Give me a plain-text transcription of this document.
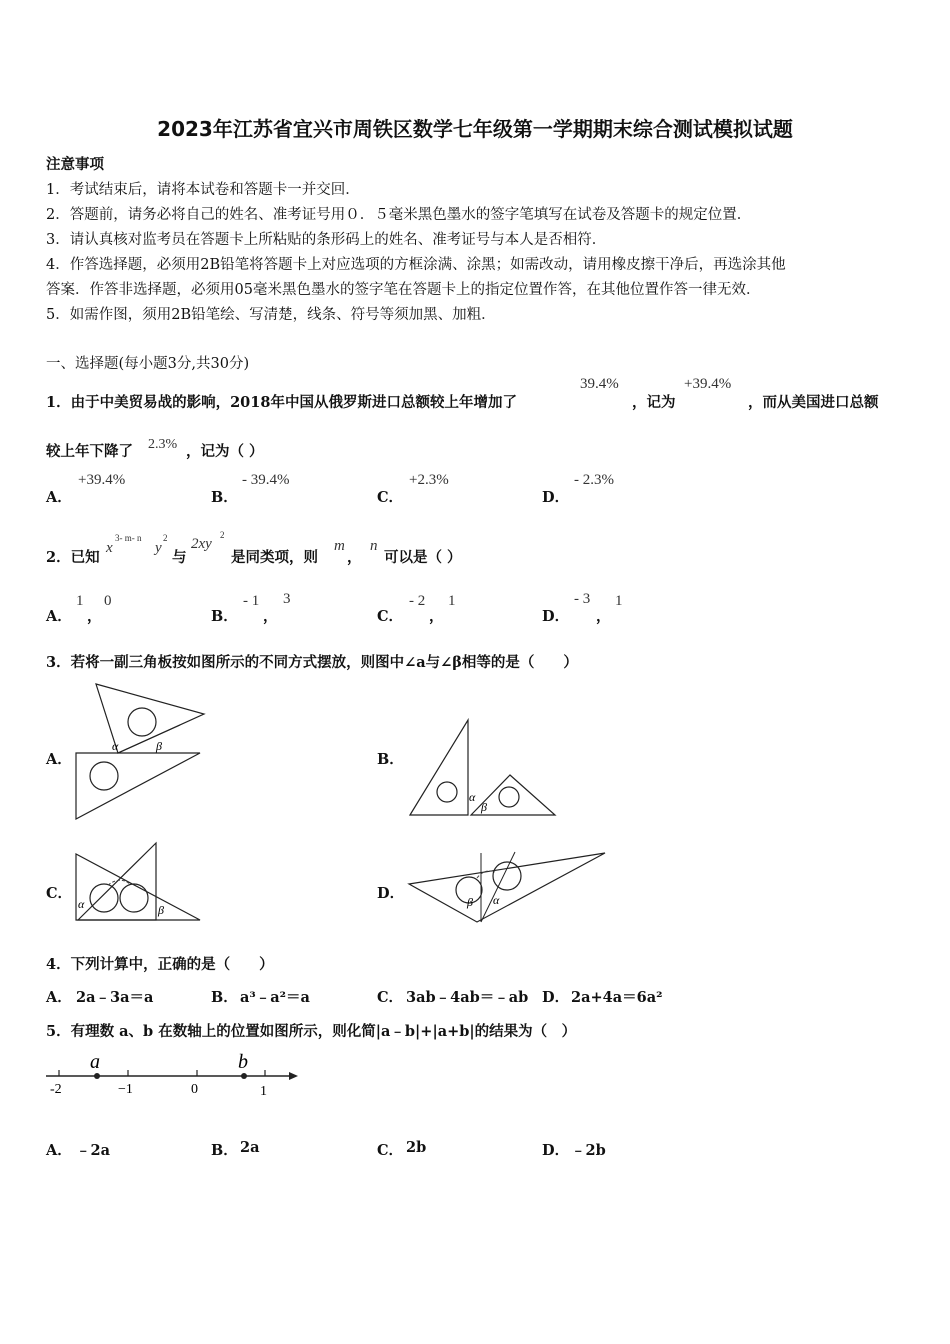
2023年江苏省宜兴市周铁区数学七年级第一学期期末综合测试模拟试题
注意事项
1．考试结束后，请将本试卷和答题卡一并交回．
2．答题前，请务必将自己的姓名、准考证号用０．５毫米黑色墨水的签字笔填写在试卷及答题卡的规定位置．
3．请认真核对监考员在答题卡上所粘贴的条形码上的姓名、准考证号与本人是否相符．
4．作答选择题，必须用2B铅笔将答题卡上对应选项的方框涂满、涂黑；如需改动，请用橡皮擦干净后，再选涂其他
答案．作答非选择题，必须用05毫米黑色墨水的签字笔在答题卡上的指定位置作答，在其他位置作答一律无效．
5．如需作图，须用2B铅笔绘、写清楚，线条、符号等须加黑、加粗．
一、选择题(每小题3分,共30分)
1．由于中美贸易战的影响，2018年中国从俄罗斯进口总额较上年增加了
39.4%
，记为
+39.4%
，而从美国进口总额
较上年下降了 2.3% ，记为（ ）
A．
+39.4%
B．
- 39.4%
C．
+2.3%
D．
- 2.3%
2．已知
x
3- m- n
y
2
与
2xy
2
是同类项，则
m
，
n
可以是（ ）
A．
1
，
0
B．
- 1
，
3
C．
- 2
，
1
D．
- 3
，
1
3．若将一副三角板按如图所示的不同方式摆放，则图中∠a与∠β相等的是（　　）
A．
α	β
B．
α
β
C．
α	β
D．	β α
4．下列计算中，正确的是（　　）
A． 2a﹣3a＝a	B． a³﹣a²＝a	C． 3ab﹣4ab＝﹣ab D． 2a+4a＝6a²
5．有理数 a、b 在数轴上的位置如图所示，则化简|a﹣b|+|a+b|的结果为（　）
a	b
-2	−1	0	1
A． ﹣2a	B． 2a	C． 2b	D． ﹣2b
